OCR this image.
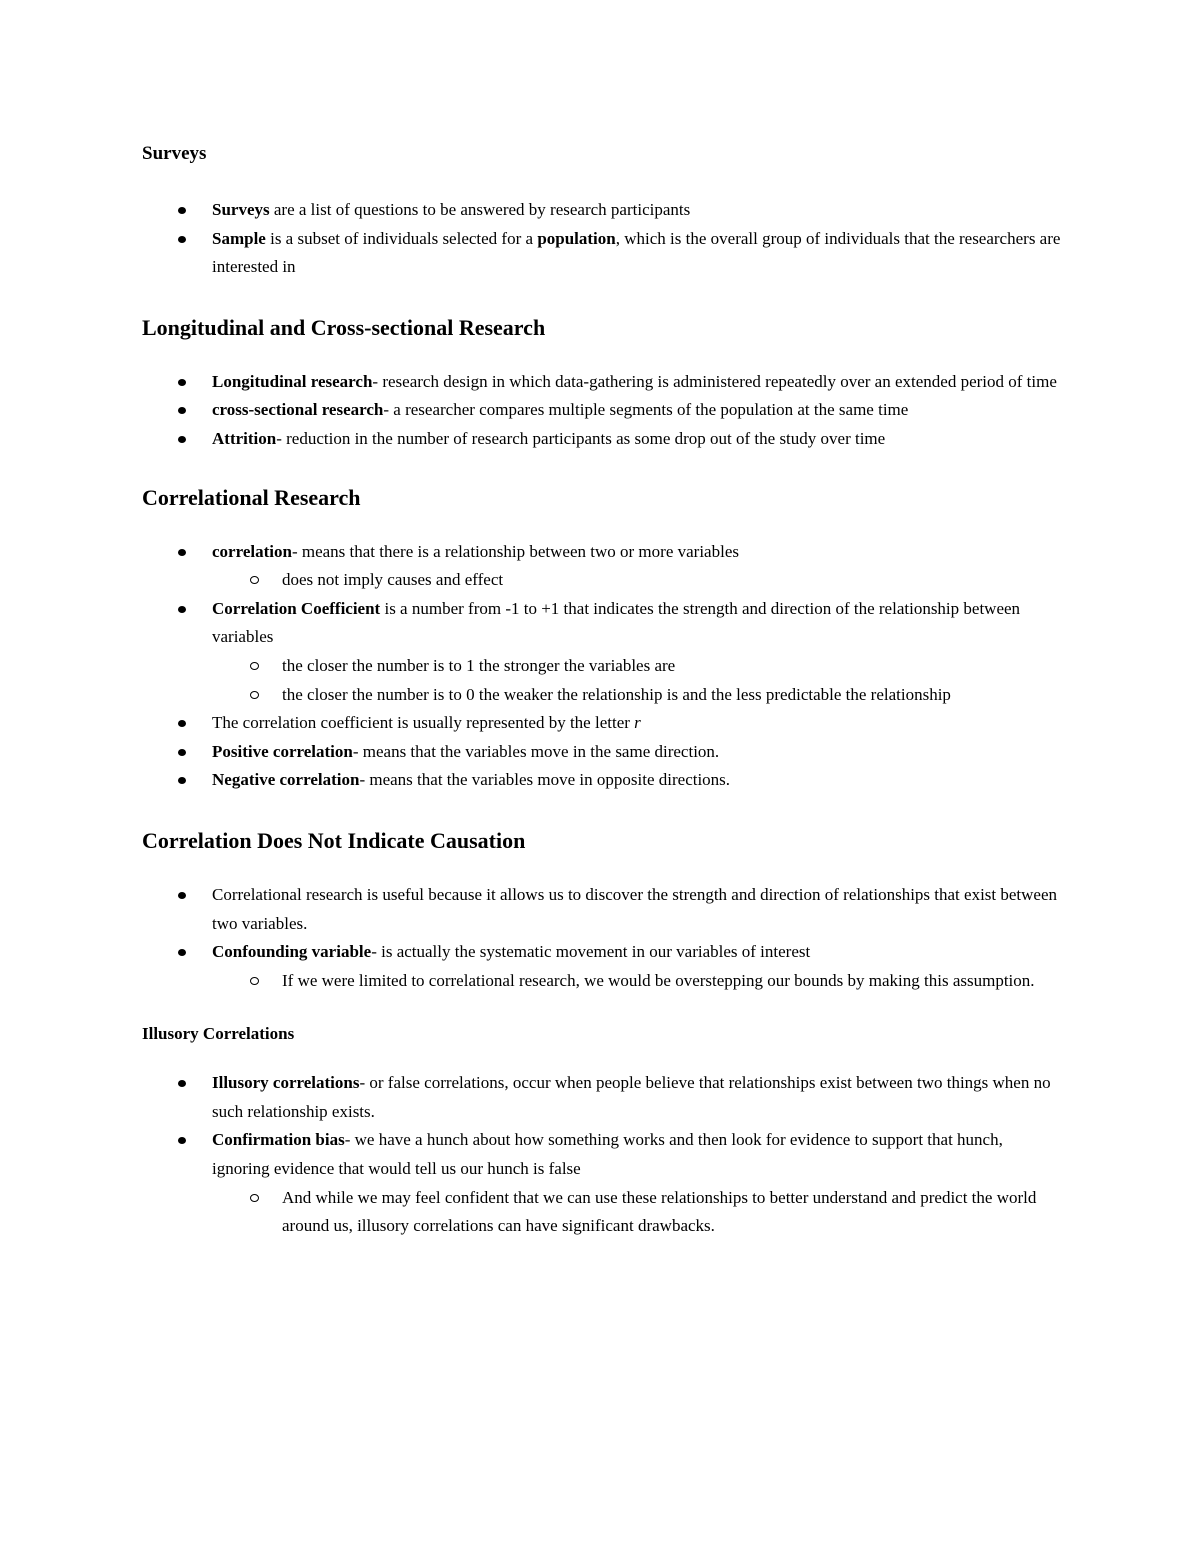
Surveys
Surveys are a list of questions to be answered by research participants
Sample is a subset of individuals selected for a population, which is the overall group of individuals that the researchers are interested in
Longitudinal and Cross-sectional Research
Longitudinal research- research design in which data-gathering is administered repeatedly over an extended period of time
cross-sectional research- a researcher compares multiple segments of the population at the same time
Attrition- reduction in the number of research participants as some drop out of the study over time
Correlational Research
correlation- means that there is a relationship between two or more variables
does not imply causes and effect
Correlation Coefficient is a number from -1 to +1 that indicates the strength and direction of the relationship between variables
the closer the number is to 1 the stronger the variables are
the closer the number is to 0 the weaker the relationship is and the less predictable the relationship
The correlation coefficient is usually represented by the letter r
Positive correlation- means that the variables move in the same direction.
Negative correlation- means that the variables move in opposite directions.
Correlation Does Not Indicate Causation
Correlational research is useful because it allows us to discover the strength and direction of relationships that exist between two variables.
Confounding variable- is actually the systematic movement in our variables of interest
If we were limited to correlational research, we would be overstepping our bounds by making this assumption.
Illusory Correlations
Illusory correlations- or false correlations, occur when people believe that relationships exist between two things when no such relationship exists.
Confirmation bias- we have a hunch about how something works and then look for evidence to support that hunch, ignoring evidence that would tell us our hunch is false
And while we may feel confident that we can use these relationships to better understand and predict the world around us, illusory correlations can have significant drawbacks.
